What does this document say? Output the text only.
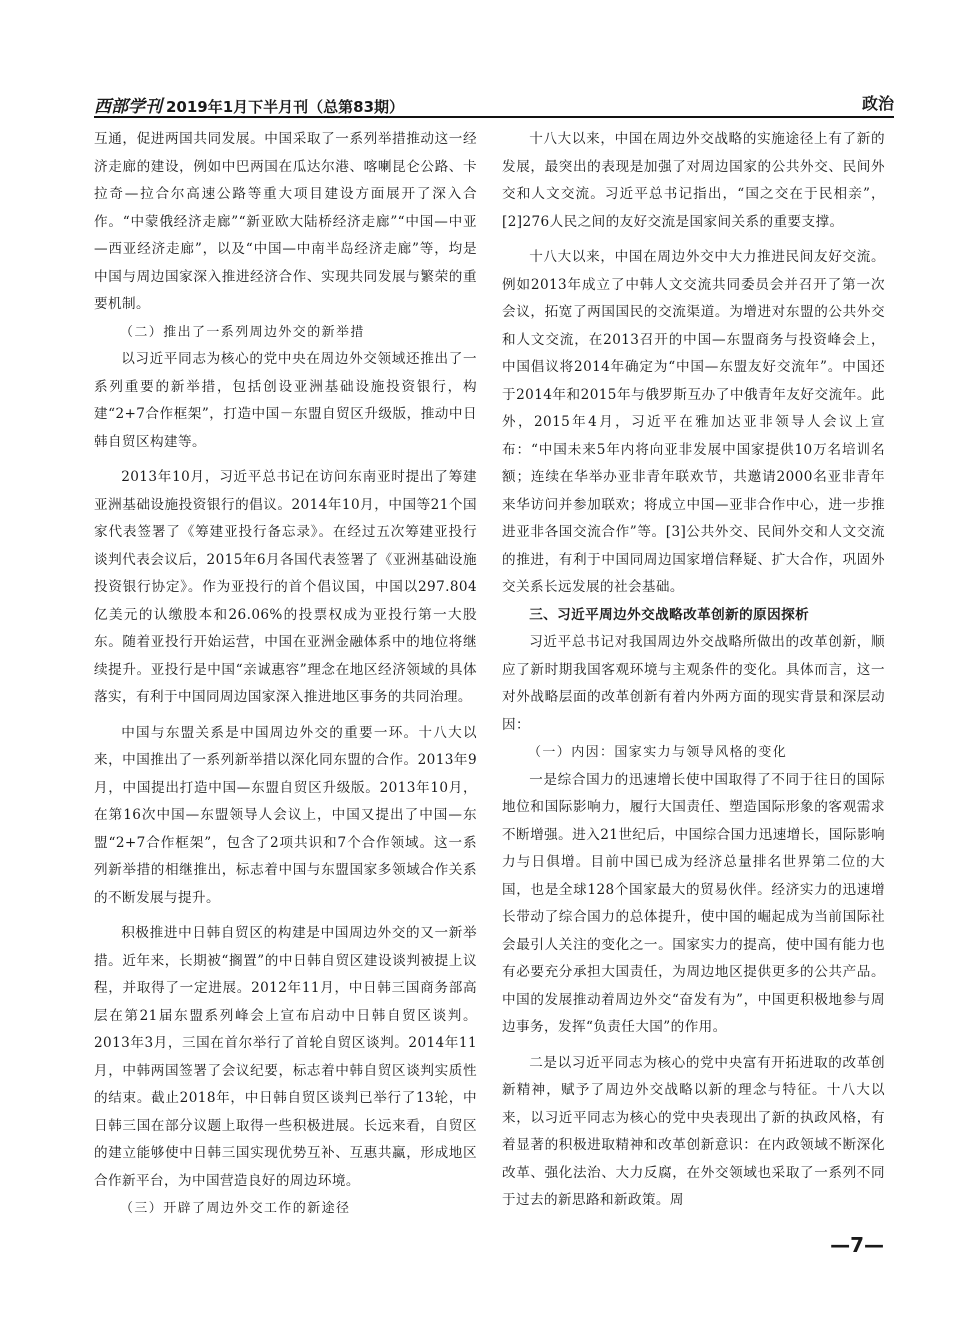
西部学刊 2019年1月下半月刊（总第83期）	政治

互通，促进两国共同发展。中国采取了一系列举措推动这一经济走廊的建设，例如中巴两国在瓜达尔港、喀喇昆仑公路、卡拉奇—拉合尔高速公路等重大项目建设方面展开了深入合作。“中蒙俄经济走廊”“新亚欧大陆桥经济走廊”“中国—中亚—西亚经济走廊”，以及“中国—中南半岛经济走廊”等，均是中国与周边国家深入推进经济合作、实现共同发展与繁荣的重要机制。

（二）推出了一系列周边外交的新举措

以习近平同志为核心的党中央在周边外交领域还推出了一系列重要的新举措，包括创设亚洲基础设施投资银行，构建“2+7合作框架”，打造中国－东盟自贸区升级版，推动中日韩自贸区构建等。

2013年10月，习近平总书记在访问东南亚时提出了筹建亚洲基础设施投资银行的倡议。2014年10月，中国等21个国家代表签署了《筹建亚投行备忘录》。在经过五次筹建亚投行谈判代表会议后，2015年6月各国代表签署了《亚洲基础设施投资银行协定》。作为亚投行的首个倡议国，中国以297.804亿美元的认缴股本和26.06%的投票权成为亚投行第一大股东。随着亚投行开始运营，中国在亚洲金融体系中的地位将继续提升。亚投行是中国“亲诚惠容”理念在地区经济领域的具体落实，有利于中国同周边国家深入推进地区事务的共同治理。

中国与东盟关系是中国周边外交的重要一环。十八大以来，中国推出了一系列新举措以深化同东盟的合作。2013年9月，中国提出打造中国—东盟自贸区升级版。2013年10月，在第16次中国—东盟领导人会议上，中国又提出了中国—东盟“2+7合作框架”，包含了2项共识和7个合作领域。这一系列新举措的相继推出，标志着中国与东盟国家多领域合作关系的不断发展与提升。

积极推进中日韩自贸区的构建是中国周边外交的又一新举措。近年来，长期被“搁置”的中日韩自贸区建设谈判被提上议程，并取得了一定进展。2012年11月，中日韩三国商务部高层在第21届东盟系列峰会上宣布启动中日韩自贸区谈判。2013年3月，三国在首尔举行了首轮自贸区谈判。2014年11月，中韩两国签署了会议纪要，标志着中韩自贸区谈判实质性的结束。截止2018年，中日韩自贸区谈判已举行了13轮，中日韩三国在部分议题上取得一些积极进展。长远来看，自贸区的建立能够使中日韩三国实现优势互补、互惠共赢，形成地区合作新平台，为中国营造良好的周边环境。

（三）开辟了周边外交工作的新途径

十八大以来，中国在周边外交战略的实施途径上有了新的发展，最突出的表现是加强了对周边国家的公共外交、民间外交和人文交流。习近平总书记指出，“国之交在于民相亲”，[2]276人民之间的友好交流是国家间关系的重要支撑。

十八大以来，中国在周边外交中大力推进民间友好交流。例如2013年成立了中韩人文交流共同委员会并召开了第一次会议，拓宽了两国国民的交流渠道。为增进对东盟的公共外交和人文交流，在2013召开的中国—东盟商务与投资峰会上，中国倡议将2014年确定为“中国—东盟友好交流年”。中国还于2014年和2015年与俄罗斯互办了中俄青年友好交流年。此外，2015年4月，习近平在雅加达亚非领导人会议上宣布：“中国未来5年内将向亚非发展中国家提供10万名培训名额；连续在华举办亚非青年联欢节，共邀请2000名亚非青年来华访问并参加联欢；将成立中国—亚非合作中心，进一步推进亚非各国交流合作”等。[3]公共外交、民间外交和人文交流的推进，有利于中国同周边国家增信释疑、扩大合作，巩固外交关系长远发展的社会基础。

三、习近平周边外交战略改革创新的原因探析

习近平总书记对我国周边外交战略所做出的改革创新，顺应了新时期我国客观环境与主观条件的变化。具体而言，这一对外战略层面的改革创新有着内外两方面的现实背景和深层动因：

（一）内因：国家实力与领导风格的变化

一是综合国力的迅速增长使中国取得了不同于往日的国际地位和国际影响力，履行大国责任、塑造国际形象的客观需求不断增强。进入21世纪后，中国综合国力迅速增长，国际影响力与日俱增。目前中国已成为经济总量排名世界第二位的大国，也是全球128个国家最大的贸易伙伴。经济实力的迅速增长带动了综合国力的总体提升，使中国的崛起成为当前国际社会最引人关注的变化之一。国家实力的提高，使中国有能力也有必要充分承担大国责任，为周边地区提供更多的公共产品。中国的发展推动着周边外交“奋发有为”，中国更积极地参与周边事务，发挥“负责任大国”的作用。

二是以习近平同志为核心的党中央富有开拓进取的改革创新精神，赋予了周边外交战略以新的理念与特征。十八大以来，以习近平同志为核心的党中央表现出了新的执政风格，有着显著的积极进取精神和改革创新意识：在内政领域不断深化改革、强化法治、大力反腐，在外交领域也采取了一系列不同于过去的新思路和新政策。周

—7—
